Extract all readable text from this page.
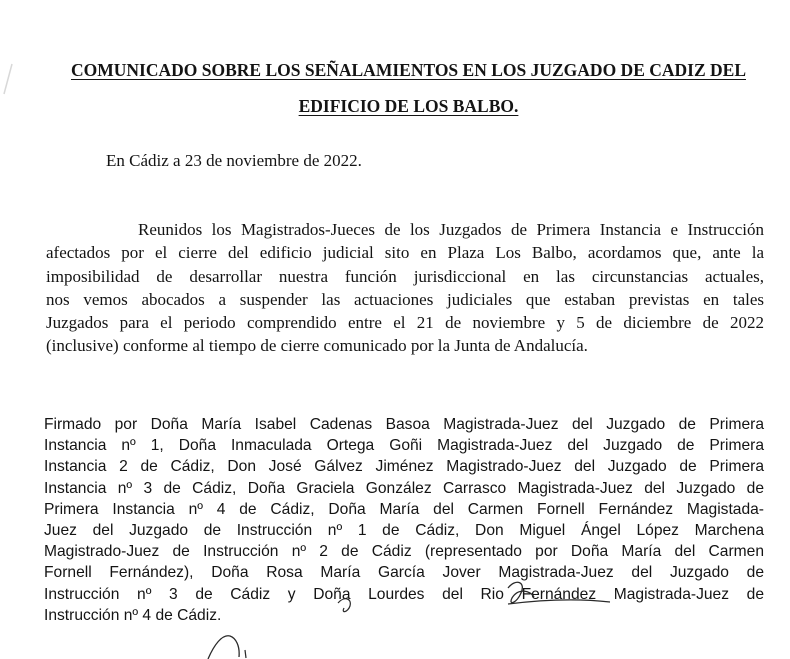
COMUNICADO SOBRE LOS SEÑALAMIENTOS EN LOS JUZGADO DE CADIZ DEL
EDIFICIO DE LOS BALBO.
En Cádiz a 23 de noviembre de 2022.
Reunidos los Magistrados-Jueces de los Juzgados de Primera Instancia e Instrucción
afectados por el cierre del edificio judicial sito en Plaza Los Balbo, acordamos que, ante la
imposibilidad de desarrollar nuestra función jurisdiccional en las circunstancias actuales,
nos vemos abocados a suspender las actuaciones judiciales que estaban previstas en tales
Juzgados para el periodo comprendido entre el 21 de noviembre y 5 de diciembre de 2022
(inclusive) conforme al tiempo de cierre comunicado por la Junta de Andalucía.
Firmado por Doña María Isabel Cadenas Basoa Magistrada-Juez del Juzgado de Primera
Instancia nº 1, Doña Inmaculada Ortega Goñi Magistrada-Juez del Juzgado de Primera
Instancia 2 de Cádiz, Don José Gálvez Jiménez Magistrado-Juez del Juzgado de Primera
Instancia nº 3 de Cádiz, Doña Graciela González Carrasco Magistrada-Juez del Juzgado de
Primera Instancia nº 4 de Cádiz, Doña María del Carmen Fornell Fernández Magistada-
Juez del Juzgado de Instrucción nº 1 de Cádiz, Don Miguel Ángel López Marchena
Magistrado-Juez de Instrucción nº 2 de Cádiz (representado por Doña María del Carmen
Fornell Fernández), Doña Rosa María García Jover Magistrada-Juez del Juzgado de
Instrucción nº 3 de Cádiz y Doña Lourdes del Rio Fernández Magistrada-Juez de
Instrucción nº 4 de Cádiz.
